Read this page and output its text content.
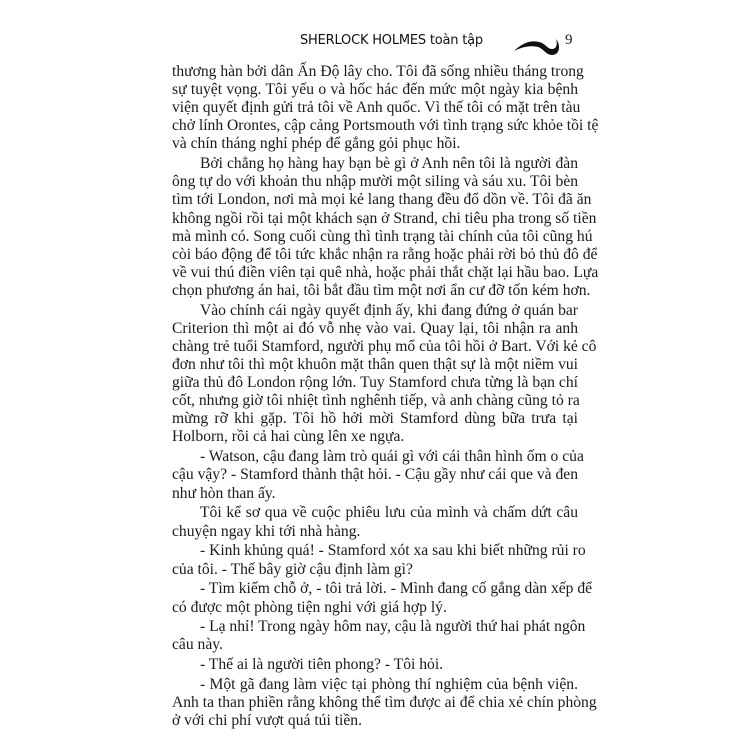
SHERLOCK HOLMES toàn tập	9
thương hàn bởi dân Ấn Độ lây cho. Tôi đã sống nhiều tháng trong
sự tuyệt vọng. Tôi yếu o và hốc hác đến mức một ngày kia bệnh
viện quyết định gửi trả tôi về Anh quốc. Vì thế tôi có mặt trên tàu
chở lính Orontes, cập cảng Portsmouth với tình trạng sức khỏe tồi tệ
và chín tháng nghỉ phép để gắng gỏi phục hồi.
Bởi chẳng họ hàng hay bạn bè gì ở Anh nên tôi là người đàn
ông tự do với khoản thu nhập mười một siling và sáu xu. Tôi bèn
tìm tới London, nơi mà mọi kẻ lang thang đều đổ dồn về. Tôi đã ăn
không ngồi rồi tại một khách sạn ở Strand, chi tiêu pha trong số tiền
mà mình có. Song cuối cùng thì tình trạng tài chính của tôi cũng hú
còi báo động để tôi tức khắc nhận ra rằng hoặc phải rời bỏ thủ đô để
về vui thú điền viên tại quê nhà, hoặc phải thắt chặt lại hầu bao. Lựa
chọn phương án hai, tôi bắt đầu tìm một nơi ẩn cư đỡ tốn kém hơn.
Vào chính cái ngày quyết định ấy, khi đang đứng ở quán bar
Criterion thì một ai đó vỗ nhẹ vào vai. Quay lại, tôi nhận ra anh
chàng trẻ tuổi Stamford, người phụ mổ của tôi hồi ở Bart. Với kẻ cô
đơn như tôi thì một khuôn mặt thân quen thật sự là một niềm vui
giữa thủ đô London rộng lớn. Tuy Stamford chưa từng là bạn chí
cốt, nhưng giờ tôi nhiệt tình nghênh tiếp, và anh chàng cũng tỏ ra
mừng rỡ khi gặp. Tôi hồ hởi mời Stamford dùng bữa trưa tại
Holborn, rồi cả hai cùng lên xe ngựa.
- Watson, cậu đang làm trò quái gì với cái thân hình ốm o của
cậu vậy? - Stamford thành thật hỏi. - Cậu gầy như cái que và đen
như hòn than ấy.
Tôi kể sơ qua về cuộc phiêu lưu của mình và chấm dứt câu
chuyện ngay khi tới nhà hàng.
- Kinh khủng quá! - Stamford xót xa sau khi biết những rủi ro
của tôi. - Thế bây giờ cậu định làm gì?
- Tìm kiếm chỗ ở, - tôi trả lời. - Mình đang cố gắng dàn xếp để
có được một phòng tiện nghi với giá hợp lý.
- Lạ nhỉ! Trong ngày hôm nay, cậu là người thứ hai phát ngôn
câu này.
- Thế ai là người tiên phong? - Tôi hỏi.
- Một gã đang làm việc tại phòng thí nghiệm của bệnh viện.
Anh ta than phiền rằng không thể tìm được ai để chia xẻ chín phòng
ở với chi phí vượt quá túi tiền.
